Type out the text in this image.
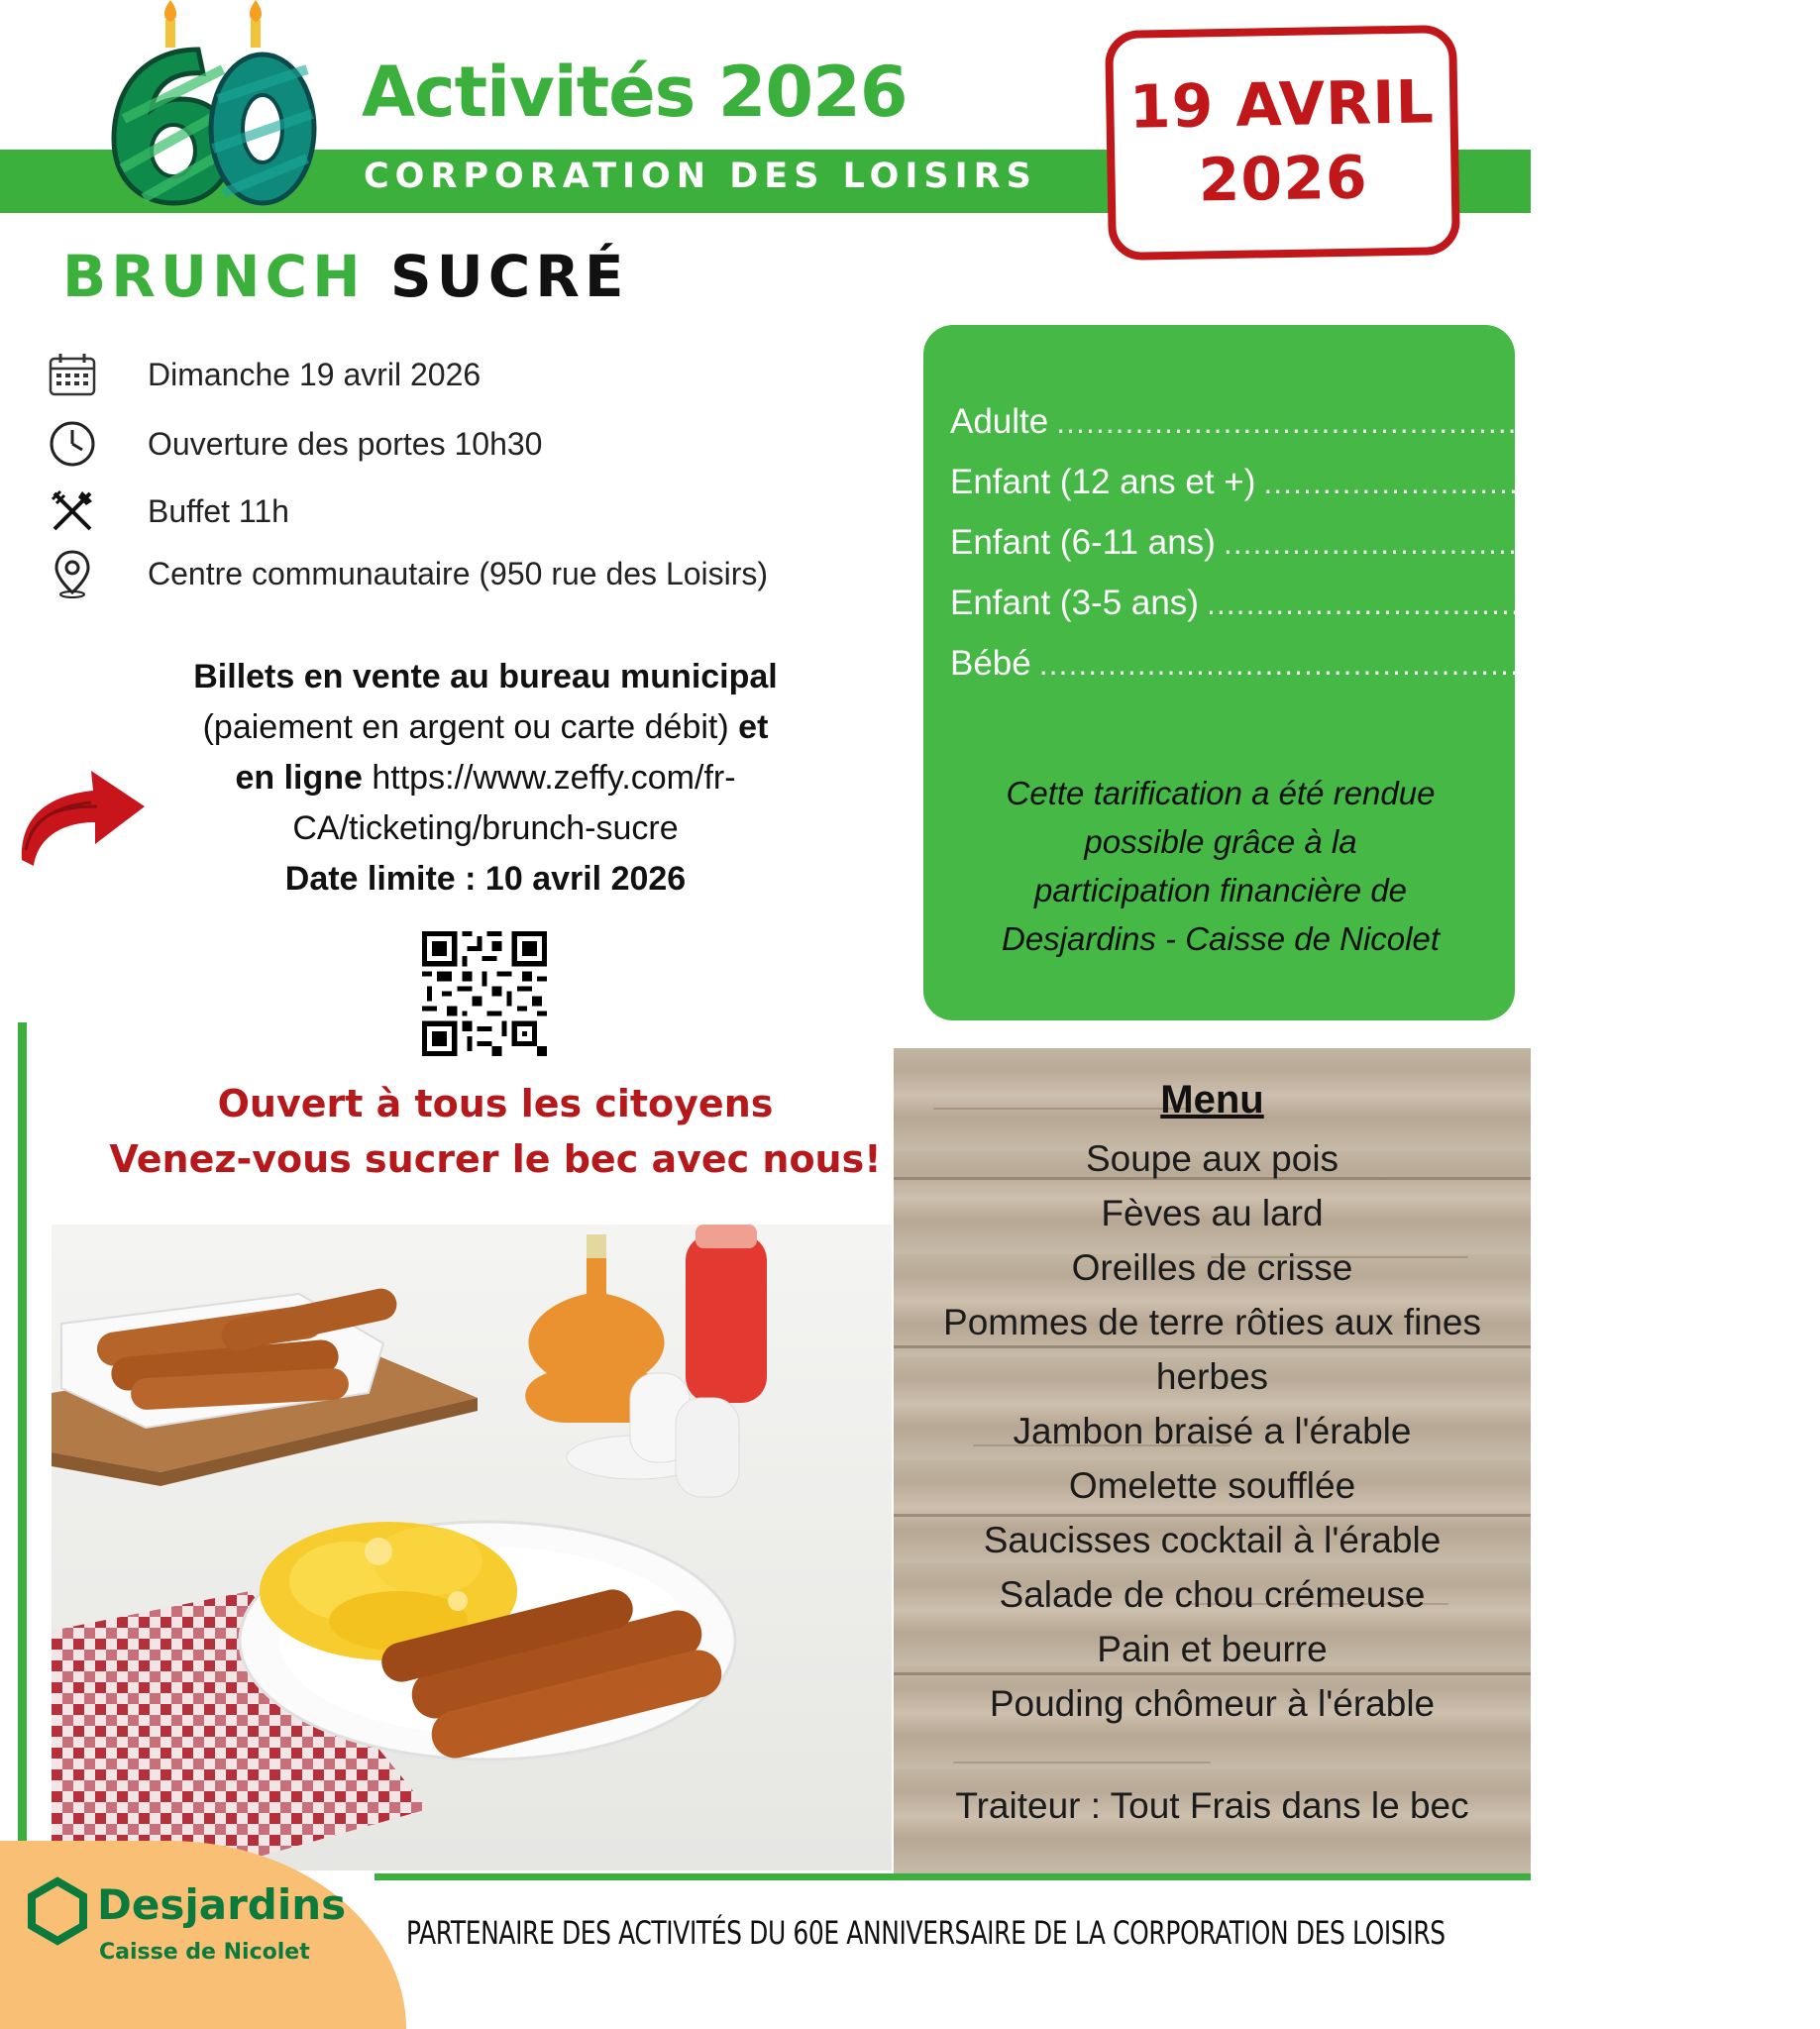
Activités 2026
CORPORATION DES LOISIRS
19 AVRIL
2026
BRUNCH SUCRÉ
Dimanche 19 avril 2026
Ouverture des portes 10h30
Buffet 11h
Centre communautaire (950 rue des Loisirs)
Billets en vente au bureau municipal
(paiement en argent ou carte débit) et
en ligne https://www.zeffy.com/fr-
CA/ticketing/brunch-sucre
Date limite : 10 avril 2026
Ouvert à tous les citoyens
Venez-vous sucrer le bec avec nous!
Adulte .................................................. 20$
Enfant (12 ans et +) .................................................. 20$
Enfant (6-11 ans) .................................................. 10$
Enfant (3-5 ans) .................................................. 5$
Bébé .................................................. GRATUIT
Cette tarification a été rendue
possible grâce à la
participation financière de
Desjardins - Caisse de Nicolet
Menu
Soupe aux pois
Fèves au lard
Oreilles de crisse
Pommes de terre rôties aux fines
herbes
Jambon braisé a l'érable
Omelette soufflée
Saucisses cocktail à l'érable
Salade de chou crémeuse
Pain et beurre
Pouding chômeur à l'érable
Traiteur : Tout Frais dans le bec
Desjardins
Caisse de Nicolet
PARTENAIRE DES ACTIVITÉS DU 60E ANNIVERSAIRE DE LA CORPORATION DES LOISIRS
